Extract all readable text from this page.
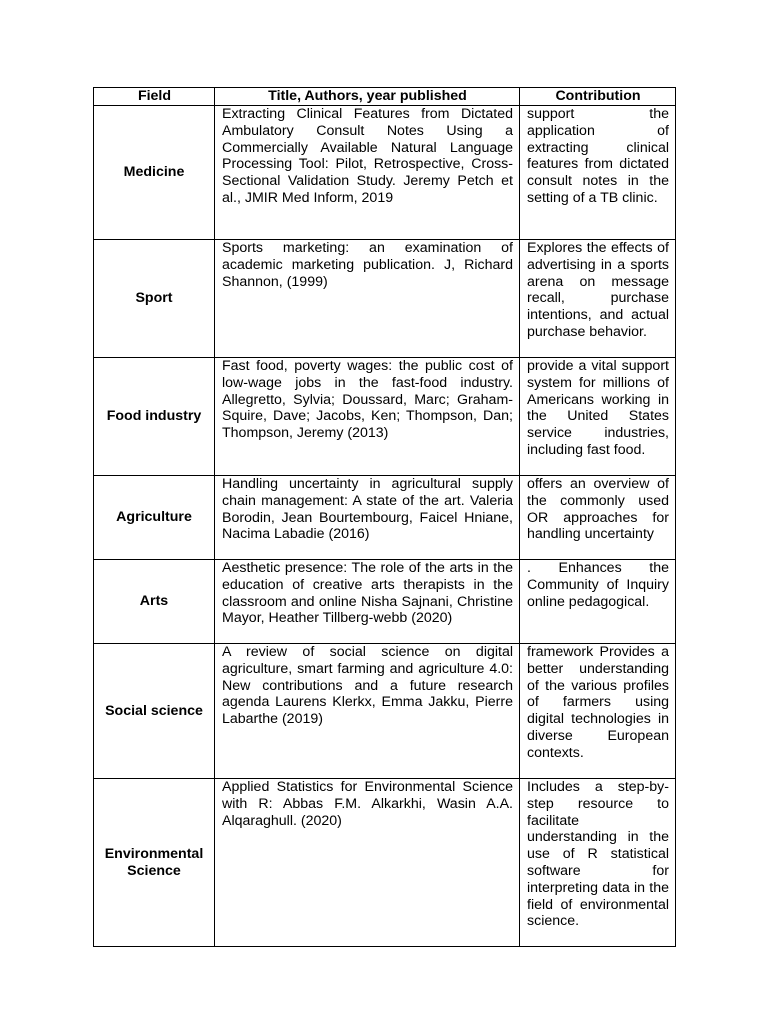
Field	Title, Authors, year published	Contribution
Medicine	Extracting Clinical Features from Dictated Ambulatory Consult Notes Using a Commercially Available Natural Language Processing Tool: Pilot, Retrospective, Cross-Sectional Validation Study. Jeremy Petch et al., JMIR Med Inform, 2019	support the application of extracting clinical features from dictated consult notes in the setting of a TB clinic.
Sport	Sports marketing: an examination of academic marketing publication. J, Richard Shannon, (1999)	Explores the effects of advertising in a sports arena on message recall, purchase intentions, and actual purchase behavior.
Food industry	Fast food, poverty wages: the public cost of low-wage jobs in the fast-food industry. Allegretto, Sylvia; Doussard, Marc; Graham- Squire, Dave; Jacobs, Ken; Thompson, Dan; Thompson, Jeremy (2013)	provide a vital support system for millions of Americans working in the United States service industries, including fast food.
Agriculture	Handling uncertainty in agricultural supply chain management: A state of the art. Valeria Borodin, Jean Bourtembourg, Faicel Hniane, Nacima Labadie (2016)	offers an overview of the commonly used OR approaches for handling uncertainty
Arts	Aesthetic presence: The role of the arts in the education of creative arts therapists in the classroom and online Nisha Sajnani, Christine Mayor, Heather Tillberg-webb (2020)	. Enhances the Community of Inquiry online pedagogical.
Social science	A review of social science on digital agriculture, smart farming and agriculture 4.0: New contributions and a future research agenda Laurens Klerkx, Emma Jakku, Pierre Labarthe (2019)	framework Provides a better understanding of the various profiles of farmers using digital technologies in diverse European contexts.
Environmental Science	Applied Statistics for Environmental Science with R: Abbas F.M. Alkarkhi, Wasin A.A. Alqaraghull. (2020)	Includes a step-by-step resource to facilitate understanding in the use of R statistical software for interpreting data in the field of environmental science.
